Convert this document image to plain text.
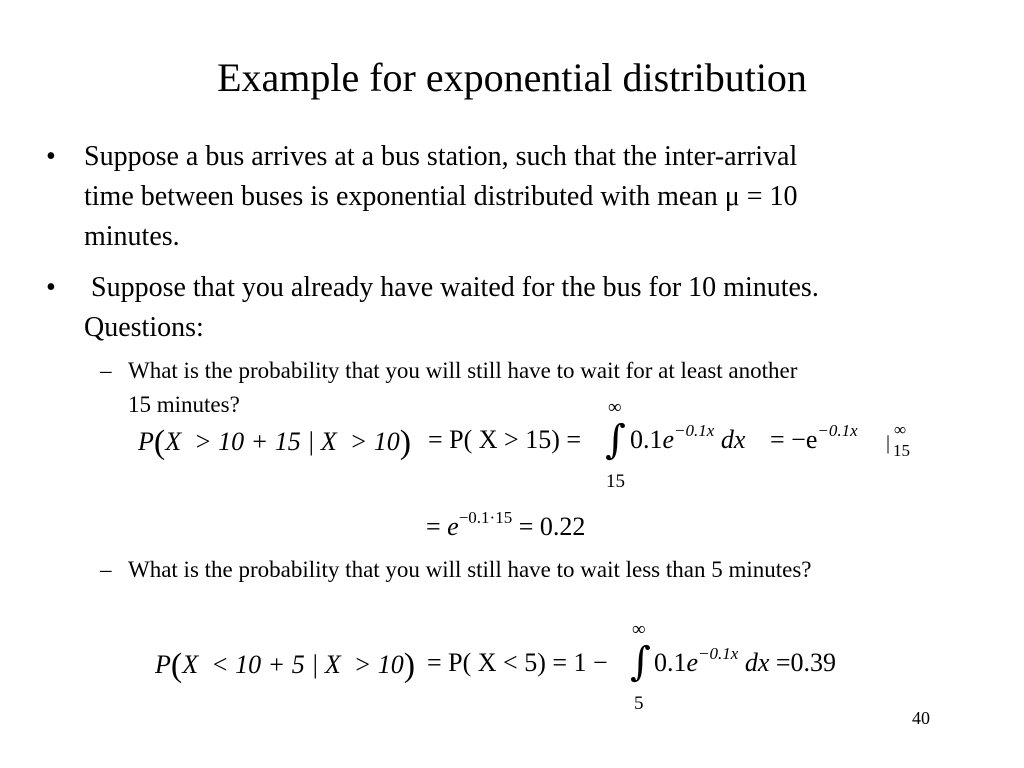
Example for exponential distribution
• Suppose a bus arrives at a bus station, such that the inter-arrival
time between buses is exponential distributed with mean μ = 10
minutes.
• Suppose that you already have waited for the bus for 10 minutes.
Questions:
– What is the probability that you will still have to wait for at least another
15 minutes?
P(X  > 10 + 15 | X  > 10) = P( X > 15) =
∞
∫
15
$0.1e^{-0.1x}$ dx = $-e^{-0.1x}$
|
∞
15
= $e^{-0.1\cdot 15} = 0.22$
– What is the probability that you will still have to wait less than 5 minutes?
P(X  < 10 + 5 | X  > 10) = P( X < 5) = 1 −
∞
∫
5
$0.1e^{-0.1x}$ dx =0.39
40
